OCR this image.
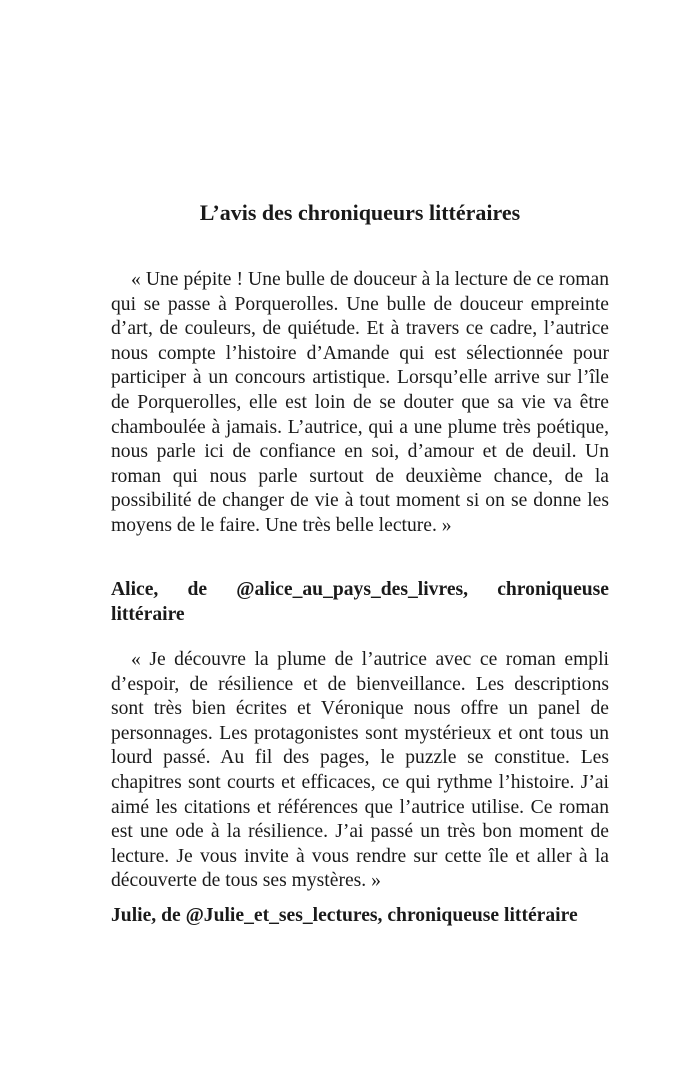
L’avis des chroniqueurs littéraires

« Une pépite ! Une bulle de douceur à la lecture de ce roman qui se passe à Porquerolles. Une bulle de douceur empreinte d’art, de couleurs, de quiétude. Et à travers ce cadre, l’autrice nous compte l’histoire d’Amande qui est sélectionnée pour participer à un concours artistique. Lorsqu’elle arrive sur l’île de Porquerolles, elle est loin de se douter que sa vie va être chamboulée à jamais. L’autrice, qui a une plume très poétique, nous parle ici de confiance en soi, d’amour et de deuil. Un roman qui nous parle surtout de deuxième chance, de la possibilité de changer de vie à tout moment si on se donne les moyens de le faire. Une très belle lecture. »

Alice, de @alice_au_pays_des_livres, chroniqueuse littéraire

« Je découvre la plume de l’autrice avec ce roman empli d’espoir, de résilience et de bienveillance. Les descriptions sont très bien écrites et Véronique nous offre un panel de personnages. Les protagonistes sont mystérieux et ont tous un lourd passé. Au fil des pages, le puzzle se constitue. Les chapitres sont courts et efficaces, ce qui rythme l’histoire. J’ai aimé les citations et références que l’autrice utilise. Ce roman est une ode à la résilience. J’ai passé un très bon moment de lecture. Je vous invite à vous rendre sur cette île et aller à la découverte de tous ses mystères. »

Julie, de @Julie_et_ses_lectures, chroniqueuse littéraire
